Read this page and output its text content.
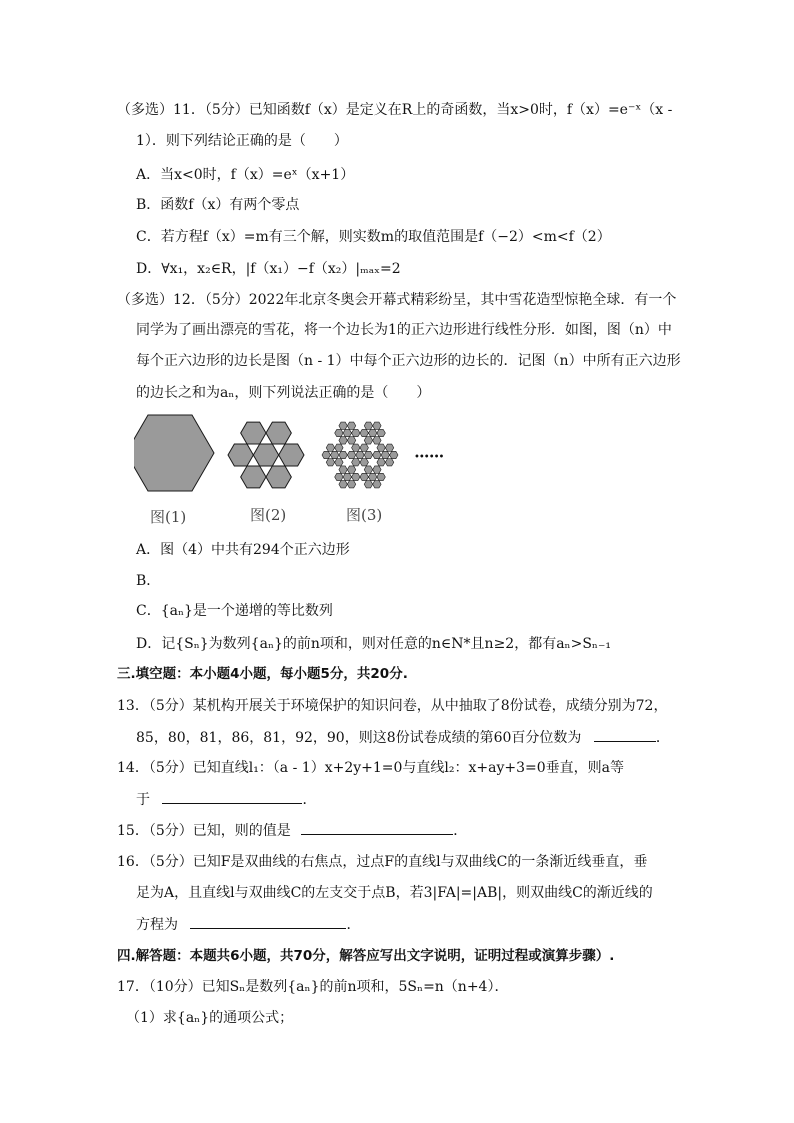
（多选）11．（5分）已知函数f（x）是定义在R上的奇函数，当x>0时，f（x）=e⁻ˣ（x -
1）．则下列结论正确的是（　　）
A．当x<0时，f（x）=eˣ（x+1）
B．函数f（x）有两个零点
C．若方程f（x）=m有三个解，则实数m的取值范围是f（−2）<m<f（2）
D．∀x₁，x₂∈R，|f（x₁）−f（x₂）|ₘₐₓ=2
（多选）12．（5分）2022年北京冬奥会开幕式精彩纷呈，其中雪花造型惊艳全球．有一个
同学为了画出漂亮的雪花，将一个边长为1的正六边形进行线性分形．如图，图（n）中
每个正六边形的边长是图（n - 1）中每个正六边形的边长的．记图（n）中所有正六边形
的边长之和为aₙ，则下列说法正确的是（　　）
••••••
图(1)	图(2)	图(3)
A．图（4）中共有294个正六边形
B．
C．{aₙ}是一个递增的等比数列
D．记{Sₙ}为数列{aₙ}的前n项和，则对任意的n∈N*且n≥2，都有aₙ>Sₙ₋₁
三.填空题：本小题4小题，每小题5分，共20分.
13．（5分）某机构开展关于环境保护的知识问卷，从中抽取了8份试卷，成绩分别为72，
85，80，81，86，81，92，90，则这8份试卷成绩的第60百分位数为	．
14．（5分）已知直线l₁：（a - 1）x+2y+1=0与直线l₂：x+ay+3=0垂直，则a等
于	．
15．（5分）已知，则的值是	．
16．（5分）已知F是双曲线的右焦点，过点F的直线l与双曲线C的一条渐近线垂直，垂
足为A，且直线l与双曲线C的左支交于点B，若3|FA|=|AB|，则双曲线C的渐近线的
方程为	．
四.解答题：本题共6小题，共70分，解答应写出文字说明，证明过程或演算步骤）.
17．（10分）已知Sₙ是数列{aₙ}的前n项和，5Sₙ=n（n+4）．
（1）求{aₙ}的通项公式；
